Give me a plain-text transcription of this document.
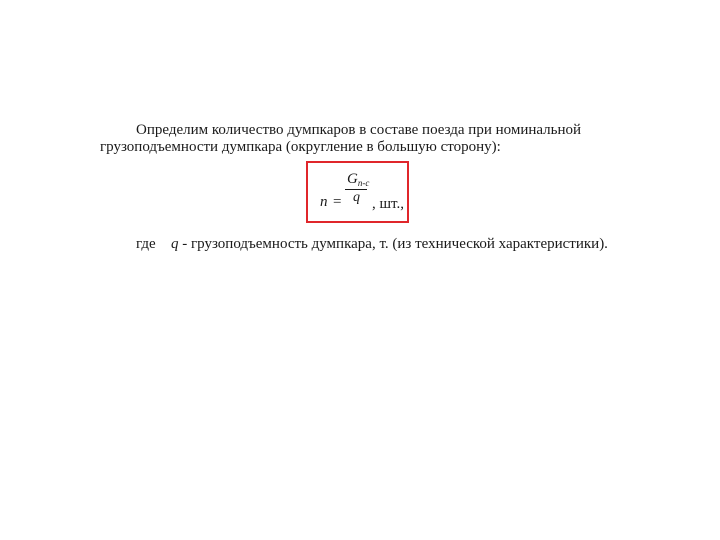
Определим количество думпкаров в составе поезда при номинальной
грузоподъемности думпкара (округление в большую сторону):
n =
$G_{п-с}$
q , шт.,
где q - грузоподъемность думпкара, т. (из технической характеристики).
